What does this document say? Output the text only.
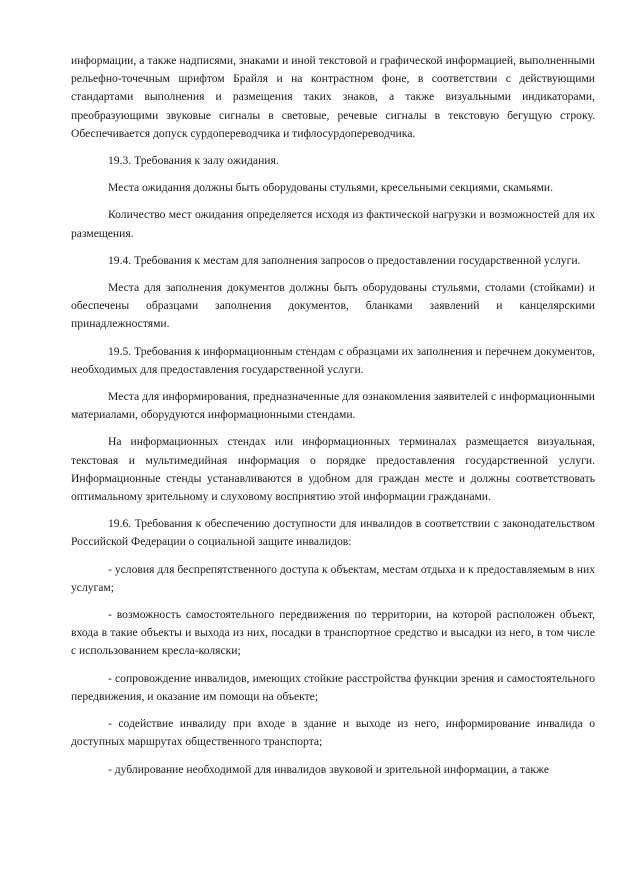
информации, а также надписями, знаками и иной текстовой и графической информацией, выполненными рельефно-точечным шрифтом Брайля и на контрастном фоне, в соответствии с действующими стандартами выполнения и размещения таких знаков, а также визуальными индикаторами, преобразующими звуковые сигналы в световые, речевые сигналы в текстовую бегущую строку. Обеспечивается допуск сурдопереводчика и тифлосурдопереводчика.

19.3. Требования к залу ожидания.

Места ожидания должны быть оборудованы стульями, кресельными секциями, скамьями.

Количество мест ожидания определяется исходя из фактической нагрузки и возможностей для их размещения.

19.4. Требования к местам для заполнения запросов о предоставлении государственной услуги.

Места для заполнения документов должны быть оборудованы стульями, столами (стойками) и обеспечены образцами заполнения документов, бланками заявлений и канцелярскими принадлежностями.

19.5. Требования к информационным стендам с образцами их заполнения и перечнем документов, необходимых для предоставления государственной услуги.

Места для информирования, предназначенные для ознакомления заявителей с информационными материалами, оборудуются информационными стендами.

На информационных стендах или информационных терминалах размещается визуальная, текстовая и мультимедийная информация о порядке предоставления государственной услуги. Информационные стенды устанавливаются в удобном для граждан месте и должны соответствовать оптимальному зрительному и слуховому восприятию этой информации гражданами.

19.6. Требования к обеспечению доступности для инвалидов в соответствии с законодательством Российской Федерации о социальной защите инвалидов:

- условия для беспрепятственного доступа к объектам, местам отдыха и к предоставляемым в них услугам;

- возможность самостоятельного передвижения по территории, на которой расположен объект, входа в такие объекты и выхода из них, посадки в транспортное средство и высадки из него, в том числе с использованием кресла-коляски;

- сопровождение инвалидов, имеющих стойкие расстройства функции зрения и самостоятельного передвижения, и оказание им помощи на объекте;

- содействие инвалиду при входе в здание и выходе из него, информирование инвалида о доступных маршрутах общественного транспорта;

- дублирование необходимой для инвалидов звуковой и зрительной информации, а также
